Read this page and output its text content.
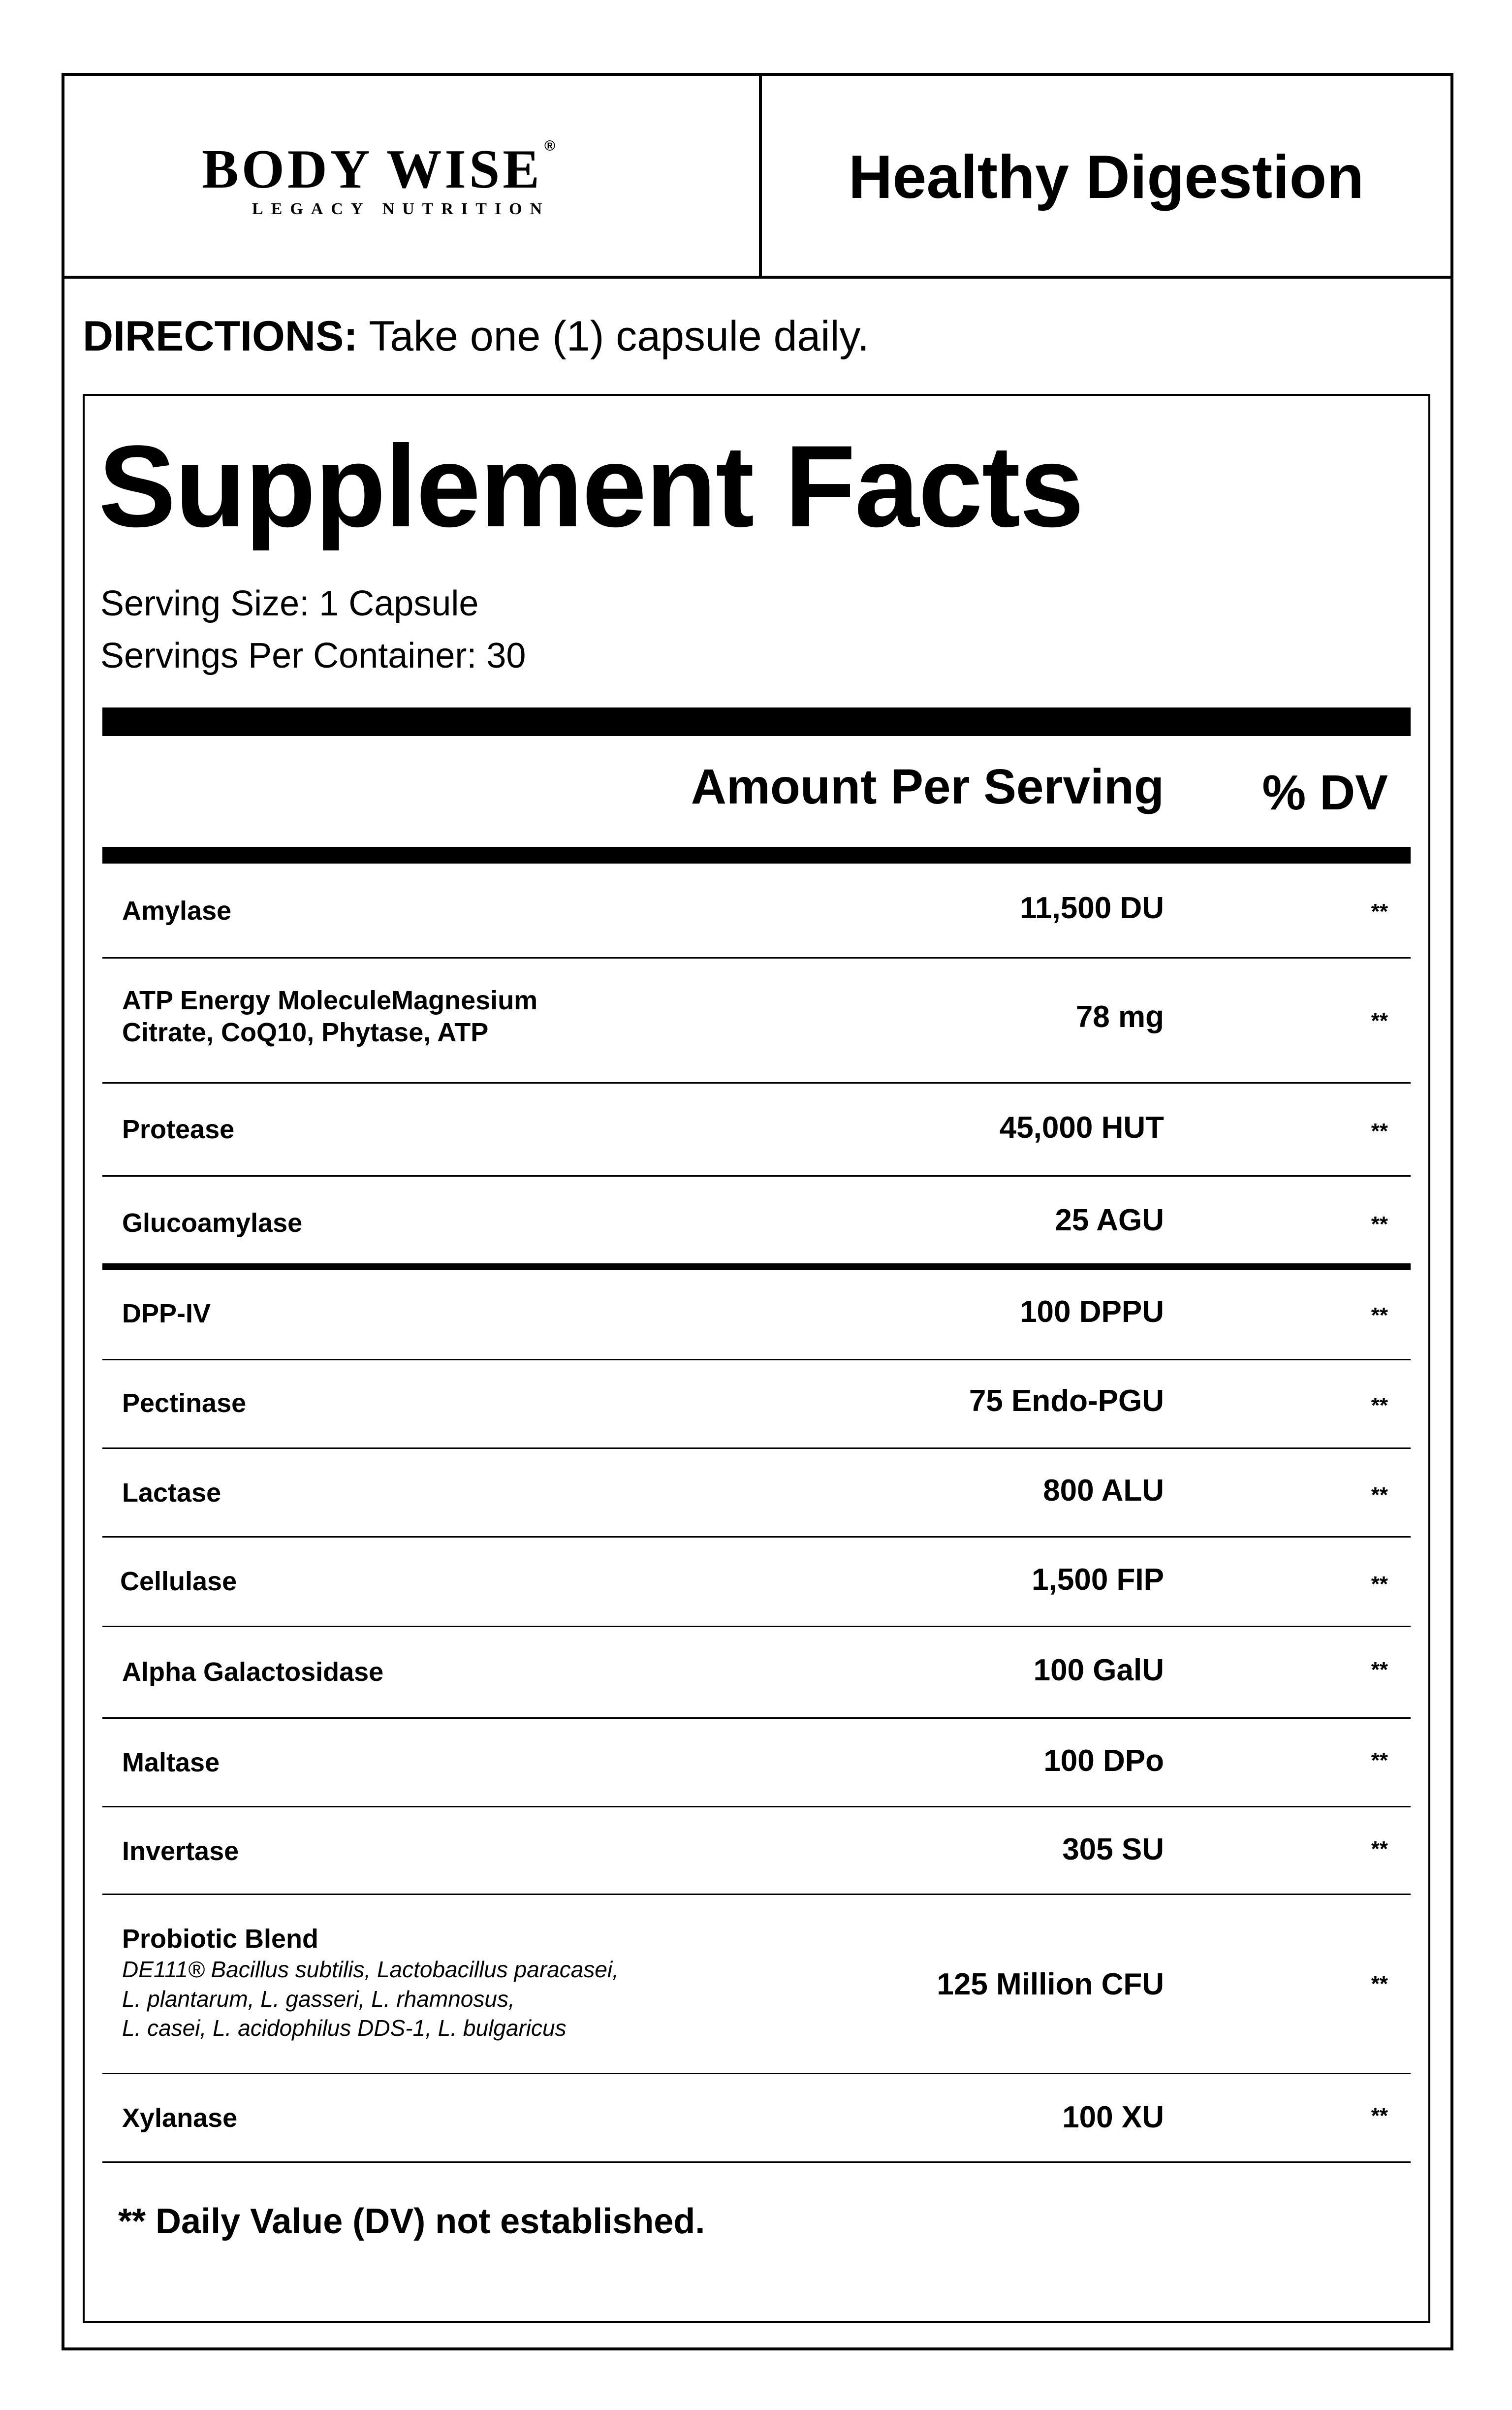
BODY WISE ®
LEGACY NUTRITION	Healthy Digestion
DIRECTIONS: Take one (1) capsule daily.
Supplement Facts
Serving Size: 1 Capsule
Servings Per Container: 30
Amount Per Serving	% DV
Amylase	11,500 DU	**
ATP Energy MoleculeMagnesium
Citrate, CoQ10, Phytase, ATP	78 mg	**
Protease	45,000 HUT	**
Glucoamylase	25 AGU	**
DPP-IV	100 DPPU	**
Pectinase	75 Endo-PGU	**
Lactase	800 ALU	**
Cellulase	1,500 FIP	**
Alpha Galactosidase	100 GalU	**
Maltase	100 DPo	**
Invertase	305 SU	**
Probiotic Blend
DE111® Bacillus subtilis, Lactobacillus paracasei,
L. plantarum, L. gasseri, L. rhamnosus,
L. casei, L. acidophilus DDS-1, L. bulgaricus
125 Million CFU	**
Xylanase	100 XU	**
** Daily Value (DV) not established.
